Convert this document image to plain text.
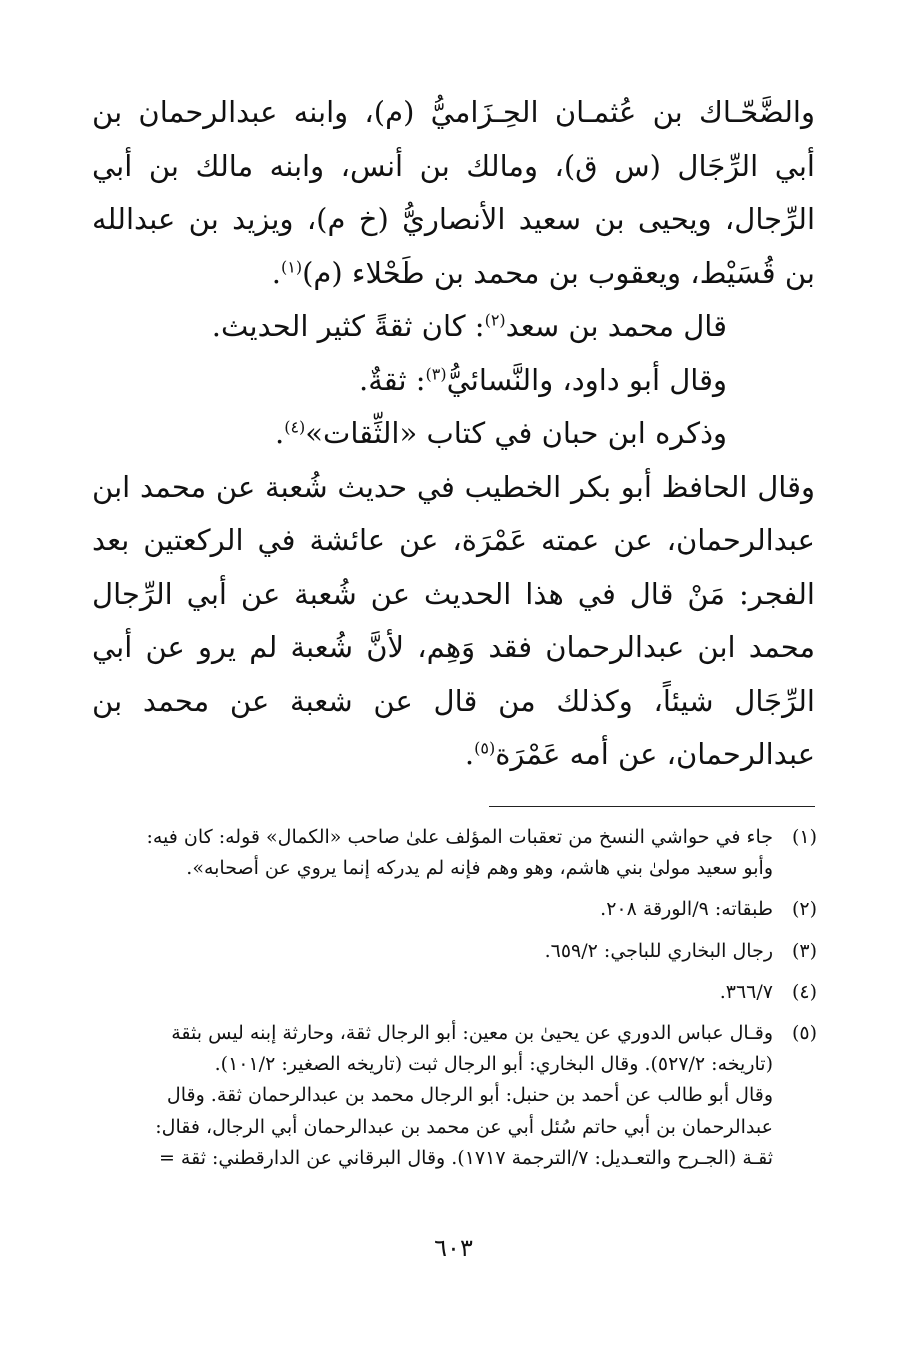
والضَّحّـاك بن عُثمـان الحِـزَاميُّ (م)، وابنه عبدالرحمان بن أبي الرِّجَال (س ق)، ومالك بن أنس، وابنه مالك بن أبي الرِّجال، ويحيى بن سعيد الأنصاريُّ (خ م)، ويزيد بن عبدالله بن قُسَيْط، ويعقوب بن محمد بن طَحْلاء (م)$^{(١)}$.

قال محمد بن سعد$^{(٢)}$: كان ثقةً كثير الحديث.

وقال أبو داود، والنَّسائيُّ$^{(٣)}$: ثقةٌ.

وذكره ابن حبان في كتاب «الثِّقات»$^{(٤)}$.

وقال الحافظ أبو بكر الخطيب في حديث شُعبة عن محمد ابن عبدالرحمان، عن عمته عَمْرَة، عن عائشة في الركعتين بعد الفجر: مَنْ قال في هذا الحديث عن شُعبة عن أبي الرِّجال محمد ابن عبدالرحمان فقد وَهِم، لأنَّ شُعبة لم يرو عن أبي الرِّجَال شيئاً، وكذلك من قال عن شعبة عن محمد بن عبدالرحمان، عن أمه عَمْرَة$^{(٥)}$.

(١)
جاء في حواشي النسخ من تعقبات المؤلف علىٰ صاحب «الكمال» قوله: كان فيه:
وأبو سعيد مولىٰ بني هاشم، وهو وهم فإنه لم يدركه إنما يروي عن أصحابه».
(٢)
طبقاته: ٩/الورقة ٢٠٨.
(٣)
رجال البخاري للباجي: ٦٥٩/٢.
(٤)
٣٦٦/٧.
(٥)
وقـال عباس الدوري عن يحيىٰ بن معين: أبو الرجال ثقة، وحارثة إبنه ليس بثقة
(تاريخه: ٥٢٧/٢). وقال البخاري: أبو الرجال ثبت (تاريخه الصغير: ١٠١/٢).
وقال أبو طالب عن أحمد بن حنبل: أبو الرجال محمد بن عبدالرحمان ثقة. وقال
عبدالرحمان بن أبي حاتم سُئل أبي عن محمد بن عبدالرحمان أبي الرجال، فقال:
ثقـة (الجـرح والتعـديل: ٧/الترجمة ١٧١٧). وقال البرقاني عن الدارقطني: ثقة =
٦٠٣
